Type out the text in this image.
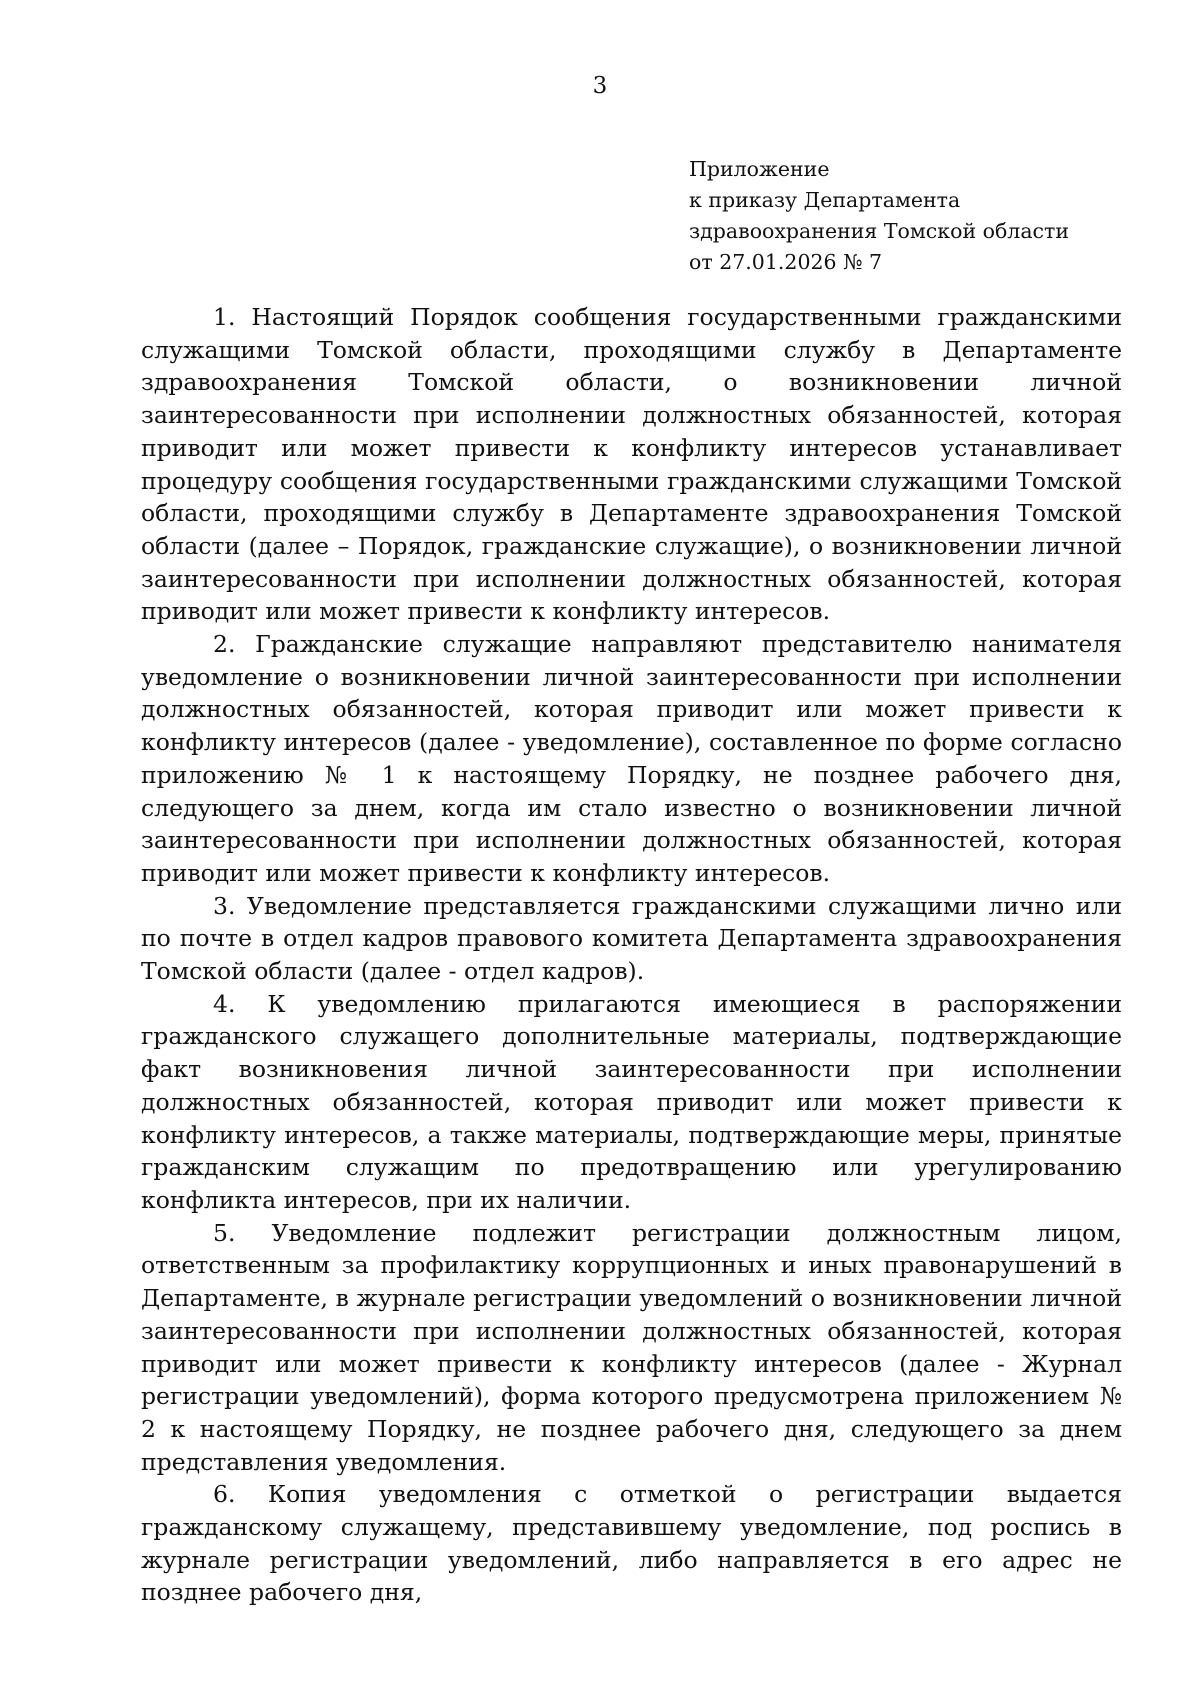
3
Приложение
к приказу Департамента
здравоохранения Томской области
от 27.01.2026 № 7

1. Настоящий Порядок сообщения государственными гражданскими служащими Томской области, проходящими службу в Департаменте здравоохранения Томской области, о возникновении личной заинтересованности при исполнении должностных обязанностей, которая приводит или может привести к конфликту интересов устанавливает процедуру сообщения государственными гражданскими служащими Томской области, проходящими службу в Департаменте здравоохранения Томской области (далее – Порядок, гражданские служащие), о возникновении личной заинтересованности при исполнении должностных обязанностей, которая приводит или может привести к конфликту интересов.

2. Гражданские служащие направляют представителю нанимателя уведомление о возникновении личной заинтересованности при исполнении должностных обязанностей, которая приводит или может привести к конфликту интересов (далее - уведомление), составленное по форме согласно приложению № 1 к настоящему Порядку, не позднее рабочего дня, следующего за днем, когда им стало известно о возникновении личной заинтересованности при исполнении должностных обязанностей, которая приводит или может привести к конфликту интересов.

3. Уведомление представляется гражданскими служащими лично или по почте в отдел кадров правового комитета Департамента здравоохранения Томской области (далее - отдел кадров).

4. К уведомлению прилагаются имеющиеся в распоряжении гражданского служащего дополнительные материалы, подтверждающие факт возникновения личной заинтересованности при исполнении должностных обязанностей, которая приводит или может привести к конфликту интересов, а также материалы, подтверждающие меры, принятые гражданским служащим по предотвращению или урегулированию конфликта интересов, при их наличии.

5. Уведомление подлежит регистрации должностным лицом, ответственным за профилактику коррупционных и иных правонарушений в Департаменте, в журнале регистрации уведомлений о возникновении личной заинтересованности при исполнении должностных обязанностей, которая приводит или может привести к конфликту интересов (далее - Журнал регистрации уведомлений), форма которого предусмотрена приложением № 2 к настоящему Порядку, не позднее рабочего дня, следующего за днем представления уведомления.

6. Копия уведомления с отметкой о регистрации выдается гражданскому служащему, представившему уведомление, под роспись в журнале регистрации уведомлений, либо направляется в его адрес не позднее рабочего дня,
